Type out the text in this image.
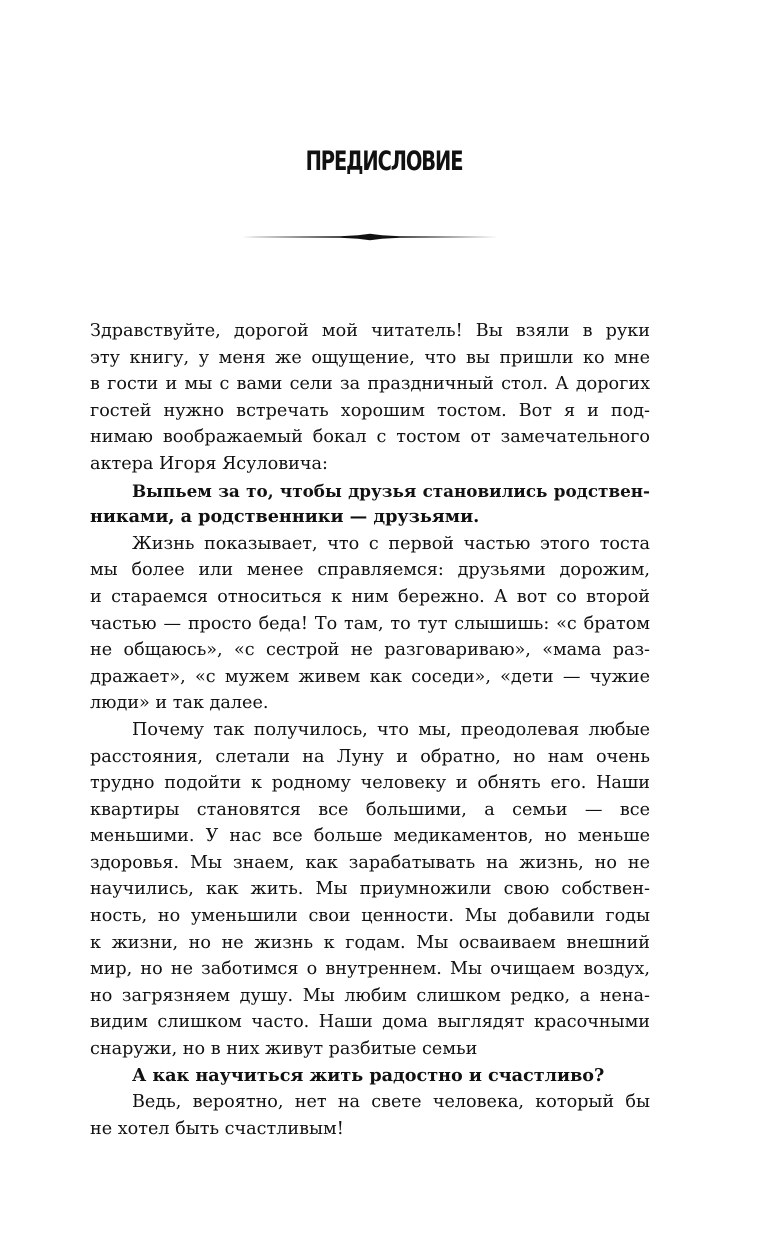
ПРЕДИСЛОВИЕ
Здравствуйте, дорогой мой читатель! Вы взяли в руки
эту книгу, у меня же ощущение, что вы пришли ко мне
в гости и мы с вами сели за праздничный стол. А дорогих
гостей нужно встречать хорошим тостом. Вот я и под-
нимаю воображаемый бокал с тостом от замечательного
актера Игоря Ясуловича:
Выпьем за то, чтобы друзья становились родствен-
никами, а родственники — друзьями.
Жизнь показывает, что с первой частью этого тоста
мы более или менее справляемся: друзьями дорожим,
и стараемся относиться к ним бережно. А вот со второй
частью — просто беда! То там, то тут слышишь: «с братом
не общаюсь», «с сестрой не разговариваю», «мама раз-
дражает», «с мужем живем как соседи», «дети — чужие
люди» и так далее.
Почему так получилось, что мы, преодолевая любые
расстояния, слетали на Луну и обратно, но нам очень
трудно подойти к родному человеку и обнять его. Наши
квартиры становятся все большими, а семьи — все
меньшими. У нас все больше медикаментов, но меньше
здоровья. Мы знаем, как зарабатывать на жизнь, но не
научились, как жить. Мы приумножили свою собствен-
ность, но уменьшили свои ценности. Мы добавили годы
к жизни, но не жизнь к годам. Мы осваиваем внешний
мир, но не заботимся о внутреннем. Мы очищаем воздух,
но загрязняем душу. Мы любим слишком редко, а нена-
видим слишком часто. Наши дома выглядят красочными
снаружи, но в них живут разбитые семьи
А как научиться жить радостно и счастливо?
Ведь, вероятно, нет на свете человека, который бы
не хотел быть счастливым!
